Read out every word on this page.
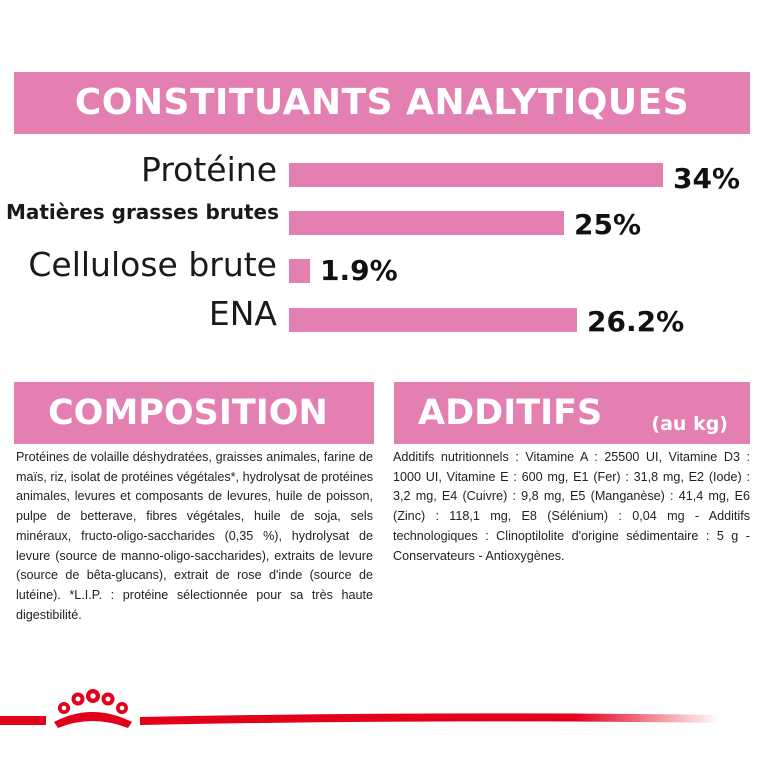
CONSTITUANTS ANALYTIQUES
Protéine	34%
Matières grasses brutes	25%
Cellulose brute 1.9%
ENA	26.2%
COMPOSITION	ADDITIFS	(au kg)

Protéines de volaille déshydratées, graisses animales, farine de maïs, riz, isolat de protéines végétales*, hydrolysat de protéines animales, levures et composants de levures, huile de poisson, pulpe de betterave, fibres végétales, huile de soja, sels minéraux, fructo-oligo-saccharides (0,35 %), hydrolysat de levure (source de manno-oligo-saccharides), extraits de levure (source de bêta-glucans), extrait de rose d'inde (source de lutéine). *L.I.P. : protéine sélectionnée pour sa très haute digestibilité.

Additifs nutritionnels : Vitamine A : 25500 UI, Vitamine D3 : 1000 UI, Vitamine E : 600 mg, E1 (Fer) : 31,8 mg, E2 (Iode) : 3,2 mg, E4 (Cuivre) : 9,8 mg, E5 (Manganèse) : 41,4 mg, E6 (Zinc) : 118,1 mg, E8 (Sélénium) : 0,04 mg - Additifs technologiques : Clinoptilolite d'origine sédimentaire : 5 g - Conservateurs - Antioxygènes.
